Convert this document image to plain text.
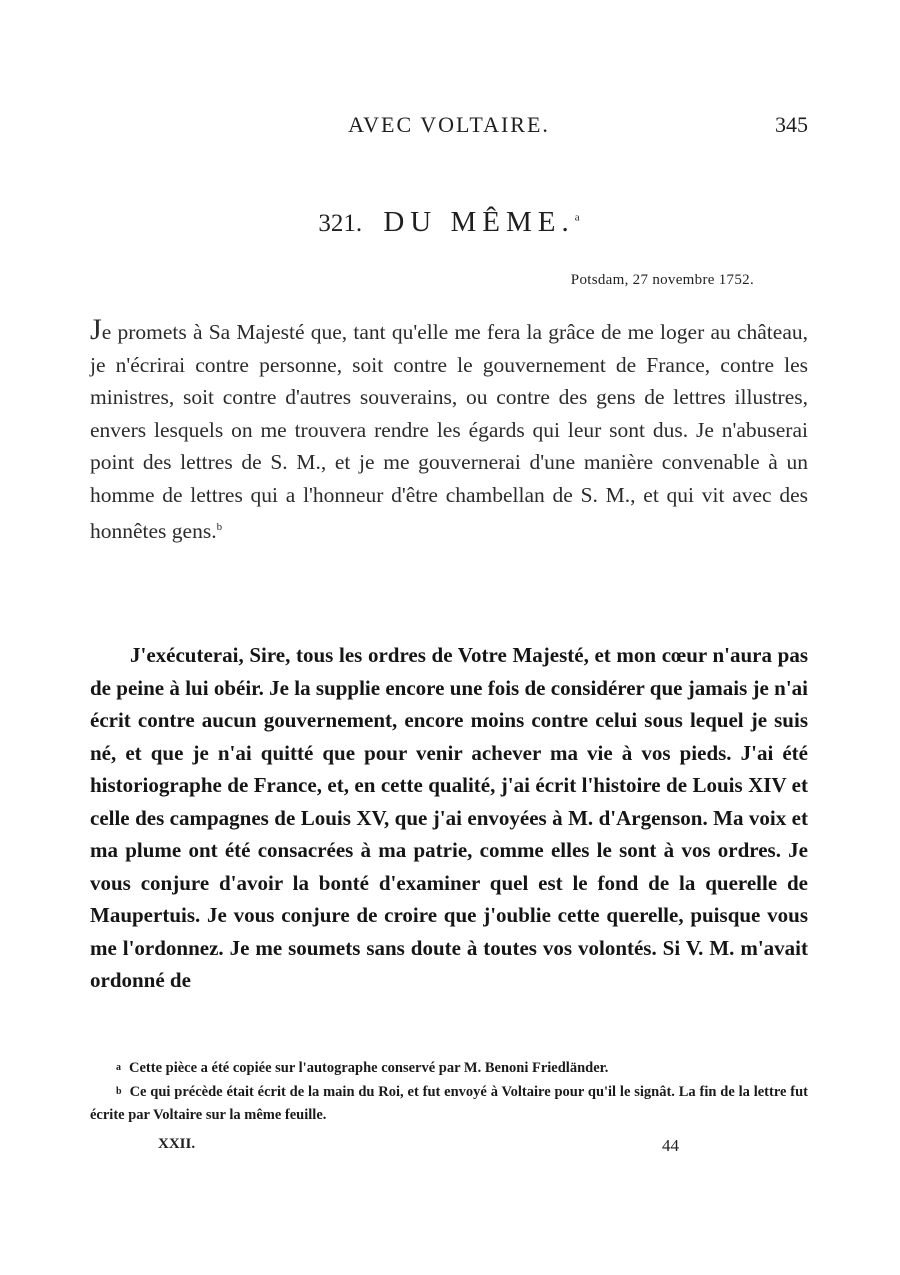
AVEC VOLTAIRE.	345
321. DU MÊME.$^a$
Potsdam, 27 novembre 1752.

Je promets à Sa Majesté que, tant qu'elle me fera la grâce de me loger au château, je n'écrirai contre personne, soit contre le gouvernement de France, contre les ministres, soit contre d'autres souverains, ou contre des gens de lettres illustres, envers lesquels on me trouvera rendre les égards qui leur sont dus. Je n'abuserai point des lettres de S. M., et je me gouvernerai d'une manière convenable à un homme de lettres qui a l'honneur d'être chambellan de S. M., et qui vit avec des honnêtes gens.$^b$

J'exécuterai, Sire, tous les ordres de Votre Majesté, et mon cœur n'aura pas de peine à lui obéir. Je la supplie encore une fois de considérer que jamais je n'ai écrit contre aucun gouvernement, encore moins contre celui sous lequel je suis né, et que je n'ai quitté que pour venir achever ma vie à vos pieds. J'ai été historiographe de France, et, en cette qualité, j'ai écrit l'histoire de Louis XIV et celle des campagnes de Louis XV, que j'ai envoyées à M. d'Argenson. Ma voix et ma plume ont été consacrées à ma patrie, comme elles le sont à vos ordres. Je vous conjure d'avoir la bonté d'examiner quel est le fond de la querelle de Maupertuis. Je vous conjure de croire que j'oublie cette querelle, puisque vous me l'ordonnez. Je me soumets sans doute à toutes vos volontés. Si V. M. m'avait ordonné de

a Cette pièce a été copiée sur l'autographe conservé par M. Benoni Friedländer.

b Ce qui précède était écrit de la main du Roi, et fut envoyé à Voltaire pour qu'il le signât. La fin de la lettre fut écrite par Voltaire sur la même feuille.

XXII.	44
